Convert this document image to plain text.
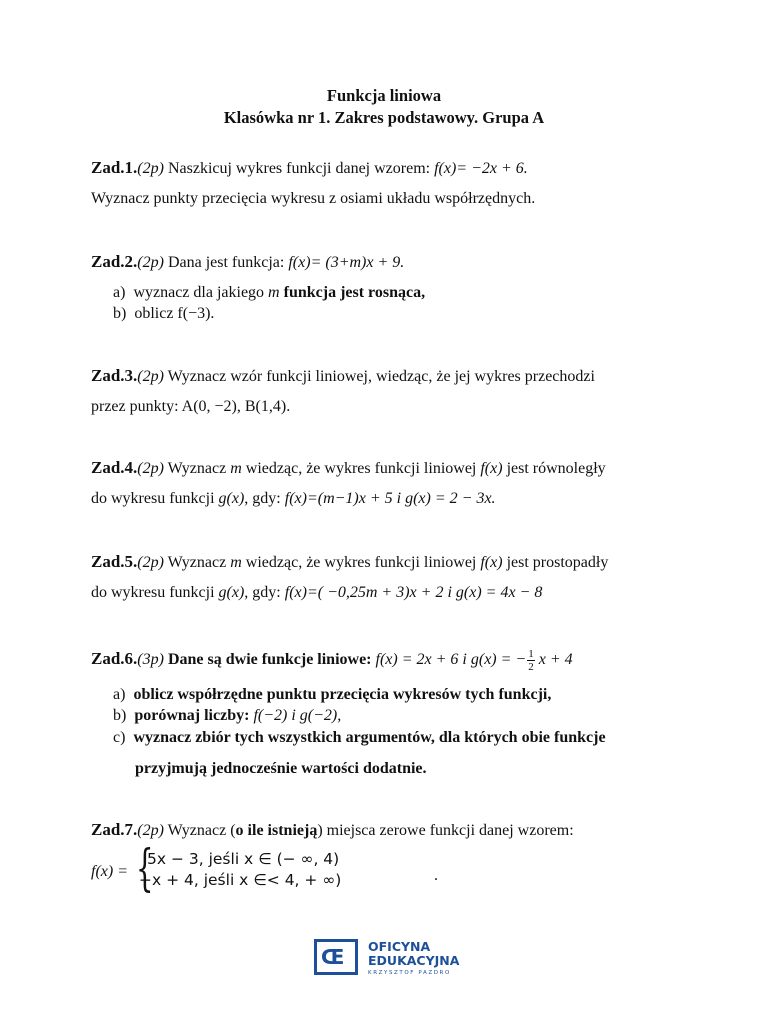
Funkcja liniowa
Klasówka nr 1. Zakres podstawowy. Grupa A
Zad.1.(2p) Naszkicuj wykres funkcji danej wzorem: f(x)= −2x + 6.
Wyznacz punkty przecięcia wykresu z osiami układu współrzędnych.
Zad.2.(2p) Dana jest funkcja: f(x)= (3+m)x + 9.
a) wyznacz dla jakiego m funkcja jest rosnąca,
b) oblicz f(−3).
Zad.3.(2p) Wyznacz wzór funkcji liniowej, wiedząc, że jej wykres przechodzi
przez punkty: A(0, −2), B(1,4).
Zad.4.(2p) Wyznacz m wiedząc, że wykres funkcji liniowej f(x) jest równoległy
do wykresu funkcji g(x), gdy: f(x)=(m−1)x + 5 i g(x) = 2 − 3x.
Zad.5.(2p) Wyznacz m wiedząc, że wykres funkcji liniowej f(x) jest prostopadły
do wykresu funkcji g(x), gdy: f(x)=( −0,25m + 3)x + 2 i g(x) = 4x − 8
Zad.6.(3p) Dane są dwie funkcje liniowe: f(x) = 2x + 6 i g(x) = − $\frac{1}{2}$ x + 4
a) oblicz współrzędne punktu przecięcia wykresów tych funkcji,
b) porównaj liczby: f(−2) i g(−2),
c) wyznacz zbiór tych wszystkich argumentów, dla których obie funkcje
przyjmują jednocześnie wartości dodatnie.
Zad.7.(2p) Wyznacz (o ile istnieją) miejsca zerowe funkcji danej wzorem:
f(x) = {
5x − 3, jeśli x ∈ (− ∞, 4)
−x + 4, jeśli x ∈< 4, + ∞)	.
Œ OFICYNA
EDUKACYJNA
KRZYSZTOF PAZDRO
